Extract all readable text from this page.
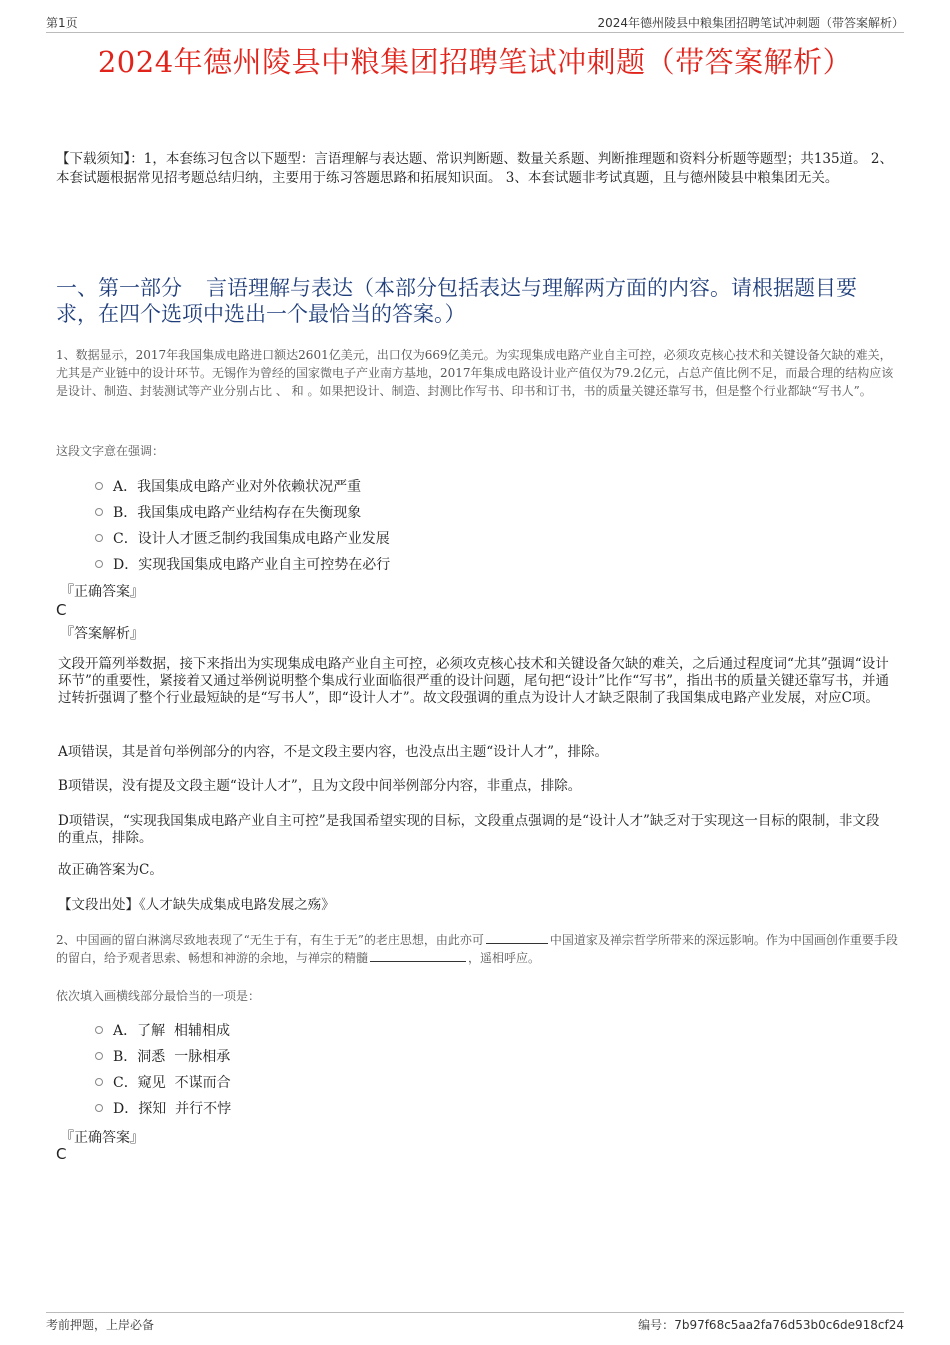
第1页	2024年德州陵县中粮集团招聘笔试冲刺题（带答案解析）
2024年德州陵县中粮集团招聘笔试冲刺题（带答案解析）
【下载须知】：1，本套练习包含以下题型：言语理解与表达题、常识判断题、数量关系题、判断推理题和资料分析题等题型；共135道。 2、本套试题根据常见招考题总结归纳，主要用于练习答题思路和拓展知识面。 3、本套试题非考试真题，且与德州陵县中粮集团无关。
一、第一部分 言语理解与表达（本部分包括表达与理解两方面的内容。请根据题目要求，在四个选项中选出一个最恰当的答案。）
1、数据显示，2017年我国集成电路进口额达2601亿美元，出口仅为669亿美元。为实现集成电路产业自主可控，必须攻克核心技术和关键设备欠缺的难关，尤其是产业链中的设计环节。无锡作为曾经的国家微电子产业南方基地，2017年集成电路设计业产值仅为79.2亿元，占总产值比例不足，而最合理的结构应该是设计、制造、封装测试等产业分别占比 、 和 。如果把设计、制造、封测比作写书、印书和订书，书的质量关键还靠写书，但是整个行业都缺“写书人”。
这段文字意在强调：
A． 我国集成电路产业对外依赖状况严重
B． 我国集成电路产业结构存在失衡现象
C． 设计人才匮乏制约我国集成电路产业发展
D． 实现我国集成电路产业自主可控势在必行
『正确答案』
C
『答案解析』
文段开篇列举数据，接下来指出为实现集成电路产业自主可控，必须攻克核心技术和关键设备欠缺的难关，之后通过程度词“尤其”强调“设计环节”的重要性，紧接着又通过举例说明整个集成行业面临很严重的设计问题，尾句把“设计”比作“写书”，指出书的质量关键还靠写书，并通过转折强调了整个行业最短缺的是“写书人”，即“设计人才”。故文段强调的重点为设计人才缺乏限制了我国集成电路产业发展，对应C项。
A项错误，其是首句举例部分的内容，不是文段主要内容，也没点出主题“设计人才”，排除。
B项错误，没有提及文段主题“设计人才”，且为文段中间举例部分内容，非重点，排除。
D项错误，“实现我国集成电路产业自主可控”是我国希望实现的目标，文段重点强调的是“设计人才”缺乏对于实现这一目标的限制，非文段的重点，排除。
故正确答案为C。
【文段出处】《人才缺失成集成电路发展之殇》
2、中国画的留白淋漓尽致地表现了“无生于有，有生于无”的老庄思想，由此亦可	中国道家及禅宗哲学所带来的深远影响。作为中国画创作重要手段的留白，给予观者思索、畅想和神游的余地，与禅宗的精髓	，遥相呼应。
依次填入画横线部分最恰当的一项是：
A． 了解  相辅相成
B． 洞悉  一脉相承
C． 窥见  不谋而合
D． 探知  并行不悖
『正确答案』
C
考前押题，上岸必备	编号：7b97f68c5aa2fa76d53b0c6de918cf24
